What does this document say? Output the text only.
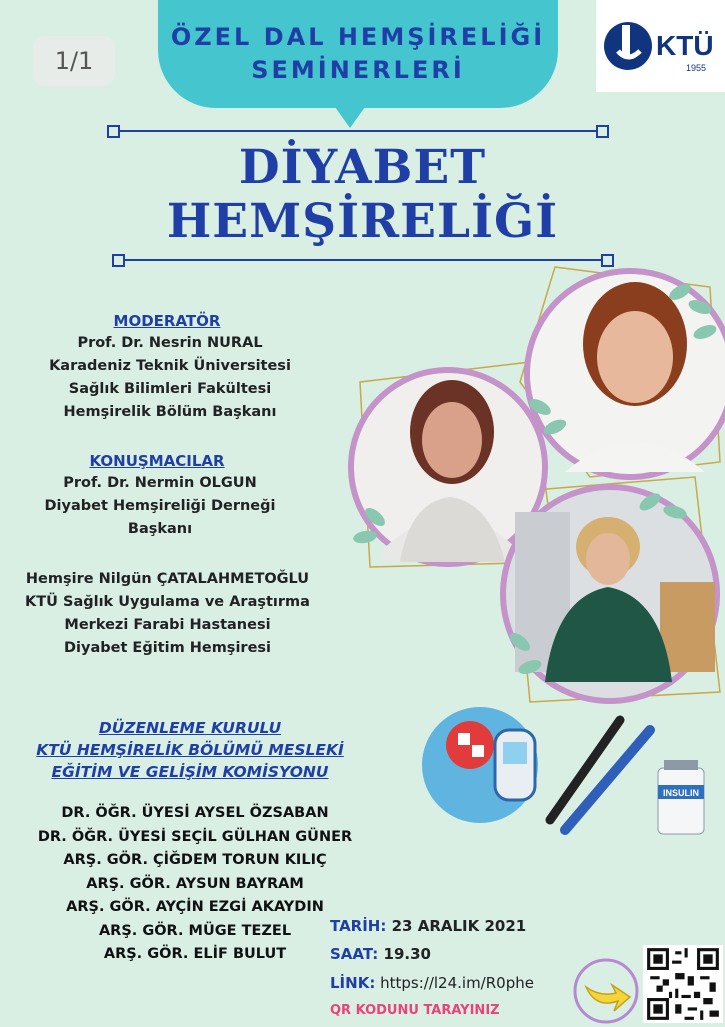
1/1
ÖZEL DAL HEMŞİRELİĞİ
SEMİNERLERİ
KTÜ
1955
DİYABET
HEMŞİRELİĞİ
MODERATÖR
Prof. Dr. Nesrin NURAL
Karadeniz Teknik Üniversitesi
Sağlık Bilimleri Fakültesi
Hemşirelik Bölüm Başkanı
KONUŞMACILAR
Prof. Dr. Nermin OLGUN
Diyabet Hemşireliği Derneği
Başkanı
Hemşire Nilgün ÇATALAHMETOĞLU
KTÜ Sağlık Uygulama ve Araştırma
Merkezi Farabi Hastanesi
Diyabet Eğitim Hemşiresi
DÜZENLEME KURULU
KTÜ HEMŞİRELİK BÖLÜMÜ MESLEKİ
EĞİTİM VE GELİŞİM KOMİSYONU
DR. ÖĞR. ÜYESİ AYSEL ÖZSABAN
DR. ÖĞR. ÜYESİ SEÇİL GÜLHAN GÜNER
ARŞ. GÖR. ÇİĞDEM TORUN KILIÇ
ARŞ. GÖR. AYSUN BAYRAM
ARŞ. GÖR. AYÇİN EZGİ AKAYDIN
ARŞ. GÖR. MÜGE TEZEL
ARŞ. GÖR. ELİF BULUT
INSULIN
TARİH: 23 ARALIK 2021
SAAT: 19.30
LİNK: https://l24.im/R0phe
QR KODUNU TARAYINIZ
